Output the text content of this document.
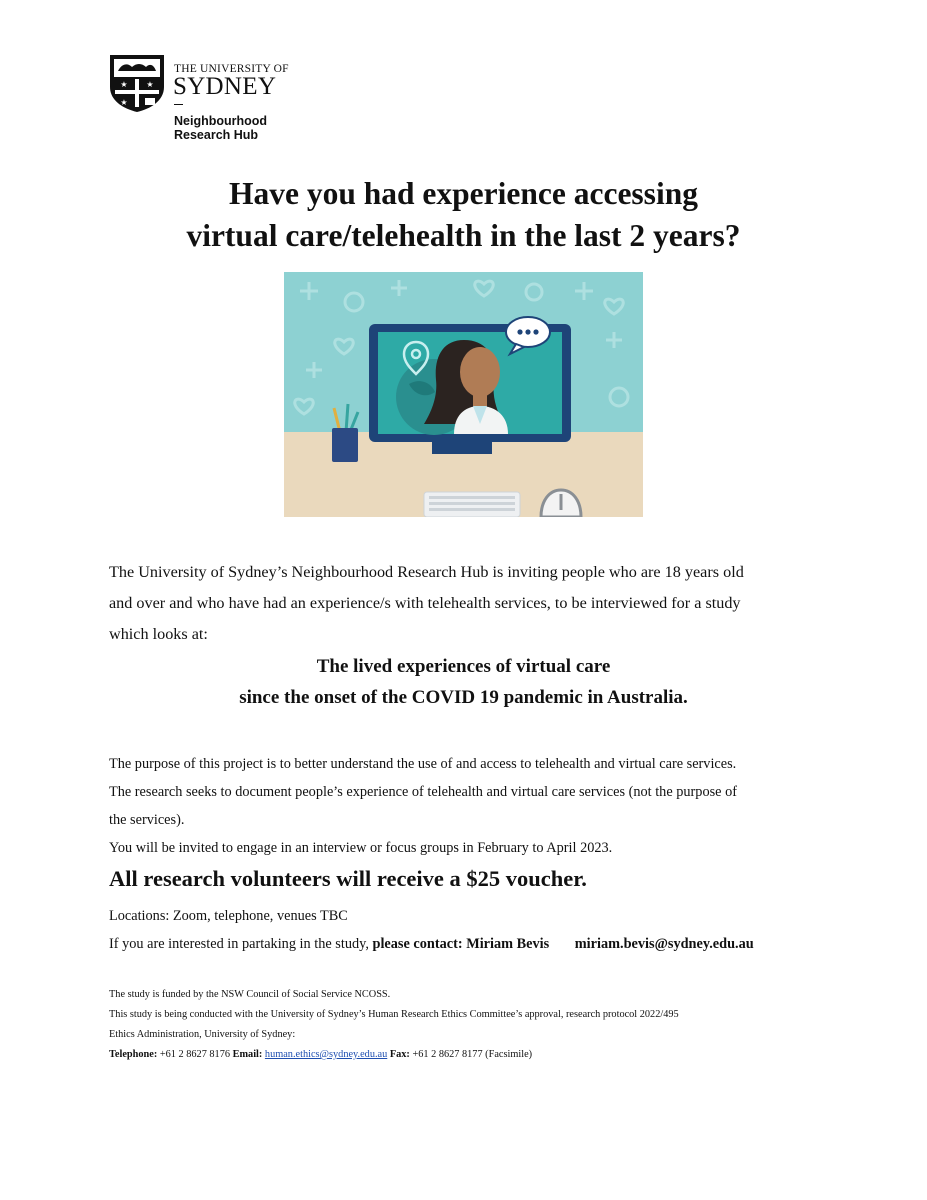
★ ★
★
THE UNIVERSITY OF
SYDNEY
Neighbourhood
Research Hub
Have you had experience accessing
virtual care/telehealth in the last 2 years?
The University of Sydney’s Neighbourhood Research Hub is inviting people who are 18 years old
and over and who have had an experience/s with telehealth services, to be interviewed for a study
which looks at:
The lived experiences of virtual care
since the onset of the COVID 19 pandemic in Australia.
The purpose of this project is to better understand the use of and access to telehealth and virtual care services.
The research seeks to document people’s experience of telehealth and virtual care services (not the purpose of
the services).
You will be invited to engage in an interview or focus groups in February to April 2023.
All research volunteers will receive a $25 voucher.
Locations: Zoom, telephone, venues TBC
If you are interested in partaking in the study, please contact: Miriam Bevis miriam.bevis@sydney.edu.au
The study is funded by the NSW Council of Social Service NCOSS.
This study is being conducted with the University of Sydney’s Human Research Ethics Committee’s approval, research protocol 2022/495
Ethics Administration, University of Sydney:
Telephone: +61 2 8627 8176 Email: human.ethics@sydney.edu.au Fax: +61 2 8627 8177 (Facsimile)
